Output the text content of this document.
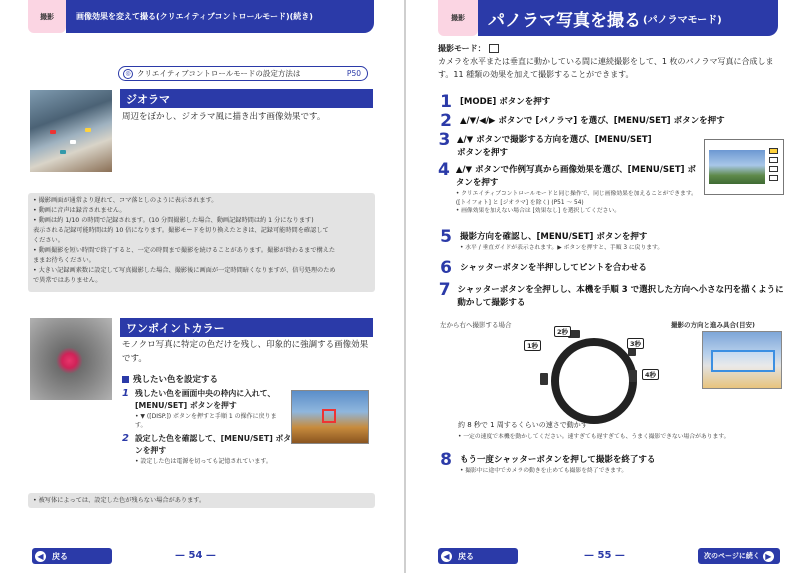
撮影	画像効果を変えて撮る(クリエイティブコントロールモード)(続き)
◎ クリエイティブコントロールモードの設定方法は	P50
ジオラマ
周辺をぼかし、ジオラマ風に描き出す画像効果です。
• 撮影画面が通常より遅れて、コマ落としのように表示されます。
• 動画に音声は録音されません。
• 動画は約 1/10 の時間で記録されます。(10 分間撮影した場合、動画記録時間は約 1 分になります)
表示される記録可能時間は約 10 倍になります。撮影モードを切り換えたときは、記録可能時間を確認して
ください。
• 動画撮影を短い時間で終了すると、一定の時間まで撮影を続けることがあります。撮影が終わるまで構えた
ままお待ちください。
• 大きい記録画素数に設定して写真撮影した場合、撮影後に画面が一定時間暗くなりますが、信号処理のため
で異常ではありません。
ワンポイントカラー
モノクロ写真に特定の色だけを残し、印象的に強調する画像効果です。
残したい色を設定する
1 残したい色を画面中央の枠内に入れて、[MENU/SET] ボタンを押す
• ▼ ([DISP.]) ボタンを押すと手順 1 の操作に戻ります。
2 設定した色を確認して、[MENU/SET] ボタンを押す
• 設定した色は電源を切っても記憶されています。
• 被写体によっては、設定した色が残らない場合があります。
◀	戻る	— 54 —
撮影	パノラマ写真を撮る (パノラマモード)
撮影モード：
カメラを水平または垂直に動かしている間に連続撮影をして、1 枚のパノラマ写真に合成します。11 種類の効果を加えて撮影することができます。
1 [MODE] ボタンを押す
2 ▲/▼/◀/▶ ボタンで [パノラマ] を選び、[MENU/SET] ボタンを押す
3 ▲/▼ ボタンで撮影する方向を選び、[MENU/SET] ボタンを押す
4 ▲/▼ ボタンで作例写真から画像効果を選び、[MENU/SET] ボタンを押す
• クリエイティブコントロールモードと同じ操作で、同じ画像効果を加えることができます。([トイフォト] と [ジオラマ] を除く) (P51 〜 54)
• 画像効果を加えない場合は [効果なし] を選択してください。
5 撮影方向を確認し、[MENU/SET] ボタンを押す
• 水平 / 垂直ガイドが表示されます。▶ ボタンを押すと、手順 3 に戻ります。
6 シャッターボタンを半押ししてピントを合わせる
7 シャッターボタンを全押しし、本機を手順 3 で選択した方向へ小さな円を描くように動かして撮影する
左から右へ撮影する場合	撮影の方向と進み具合(目安)
1秒
2秒
3秒
4秒
約 8 秒で 1 周するくらいの速さで動かす
• 一定の速度で本機を動かしてください。速すぎても遅すぎても、うまく撮影できない場合があります。
8 もう一度シャッターボタンを押して撮影を終了する
• 撮影中に途中でカメラの動きを止めても撮影を終了できます。
◀	戻る	— 55 —	次のページに続く ▶
